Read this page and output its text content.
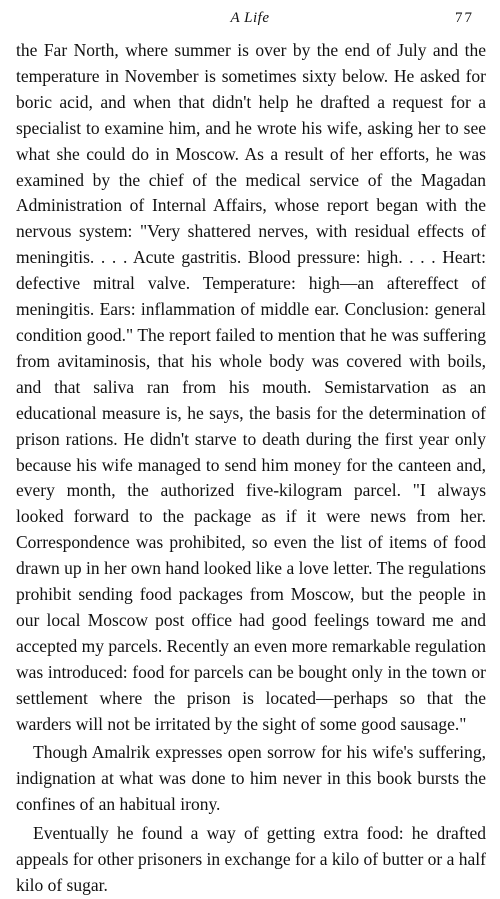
A Life	77

the Far North, where summer is over by the end of July and the temperature in November is sometimes sixty below. He asked for boric acid, and when that didn't help he drafted a request for a specialist to examine him, and he wrote his wife, asking her to see what she could do in Moscow. As a result of her efforts, he was examined by the chief of the medical service of the Magadan Administration of Internal Affairs, whose report began with the nervous system: "Very shattered nerves, with residual effects of meningitis. . . . Acute gastritis. Blood pressure: high. . . . Heart: defective mitral valve. Temperature: high—an aftereffect of meningitis. Ears: inflammation of middle ear. Conclusion: general condition good." The report failed to mention that he was suffering from avitaminosis, that his whole body was covered with boils, and that saliva ran from his mouth. Semistarvation as an educational measure is, he says, the basis for the determination of prison rations. He didn't starve to death during the first year only because his wife managed to send him money for the canteen and, every month, the authorized five-kilogram parcel. "I always looked forward to the package as if it were news from her. Correspondence was prohibited, so even the list of items of food drawn up in her own hand looked like a love letter. The regulations prohibit sending food packages from Moscow, but the people in our local Moscow post office had good feelings toward me and accepted my parcels. Recently an even more remarkable regulation was introduced: food for parcels can be bought only in the town or settlement where the prison is located—perhaps so that the warders will not be irritated by the sight of some good sausage."

Though Amalrik expresses open sorrow for his wife's suffering, indignation at what was done to him never in this book bursts the confines of an habitual irony.

Eventually he found a way of getting extra food: he drafted appeals for other prisoners in exchange for a kilo of butter or a half kilo of sugar.
